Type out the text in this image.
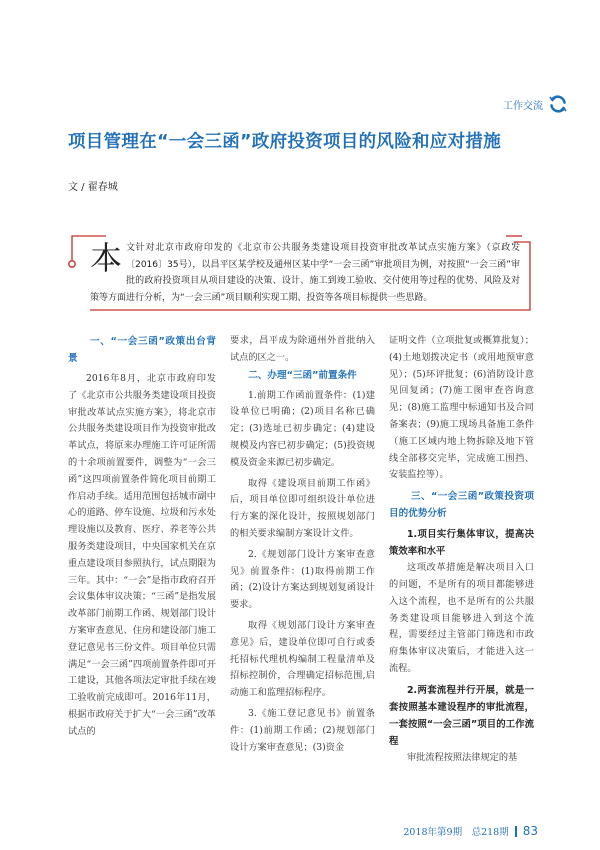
工作交流
项目管理在“一会三函”政府投资项目的风险和应对措施
文 / 翟春城
本文针对北京市政府印发的《北京市公共服务类建设项目投资审批改革试点实施方案》（京政发〔2016〕35号），以昌平区某学校及通州区某中学“一会三函”审批项目为例，对按照“一会三函”审批的政府投资项目从项目建设的决策、设计、施工到竣工验收、交付使用等过程的优势、风险及对策等方面进行分析，为“一会三函”项目顺利实现工期、投资等各项目标提供一些思路。
一、“一会三函”政策出台背景

2016年8月，北京市政府印发了《北京市公共服务类建设项目投资审批改革试点实施方案》，将北京市公共服务类建设项目作为投资审批改革试点，将原来办理施工许可证所需的十余项前置要件，调整为“一会三函”这四项前置条件简化项目前期工作启动手续。适用范围包括城市副中心的道路、停车设施、垃圾和污水处理设施以及教育、医疗、养老等公共服务类建设项目，中央国家机关在京重点建设项目参照执行，试点期限为三年。其中：“一会”是指市政府召开会议集体审议决策；“三函”是指发展改革部门前期工作函、规划部门设计方案审查意见、住房和建设部门施工登记意见书三份文件。项目单位只需满足“一会三函”四项前置条件即可开工建设，其他各项法定审批手续在竣工验收前完成即可。2016年11月，根据市政府关于扩大“一会三函”改革试点的

要求，昌平成为除通州外首批纳入试点的区之一。

二、办理“三函”前置条件

1.前期工作函前置条件：(1)建设单位已明确；(2)项目名称已确定；(3)选址已初步确定；(4)建设规模及内容已初步确定；(5)投资规模及资金来源已初步确定。

取得《建设项目前期工作函》后，项目单位即可组织设计单位进行方案的深化设计，按照规划部门的相关要求编制方案设计文件。

2.《规划部门设计方案审查意见》前置条件：(1)取得前期工作函；(2)设计方案达到规划复函设计要求。

取得《规划部门设计方案审查意见》后，建设单位即可自行或委托招标代理机构编制工程量清单及招标控制价，合理确定招标范围,启动施工和监理招标程序。

3.《施工登记意见书》前置条件：(1)前期工作函；(2)规划部门设计方案审查意见；(3)资金

证明文件（立项批复或概算批复）；(4)土地划拨决定书（或用地预审意见）；(5)环评批复；(6)消防设计意见回复函；(7)施工图审查咨询意见；(8)施工监理中标通知书及合同备案表；(9)施工现场具备施工条件（施工区域内地上物拆除及地下管线全部移交完毕，完成施工围挡、安装监控等）。

三、“一会三函”政策投资项目的优势分析
1.项目实行集体审议，提高决策效率和水平

这项改革措施是解决项目入口的问题，不是所有的项目都能够进入这个流程，也不是所有的公共服务类建设项目能够进入到这个流程，需要经过主管部门筛选和市政府集体审议决策后，才能进入这一流程。

2.两套流程并行开展，就是一套按照基本建设程序的审批流程，一套按照“一会三函”项目的工作流程

审批流程按照法律规定的基

2018年第9期　总218期 83
